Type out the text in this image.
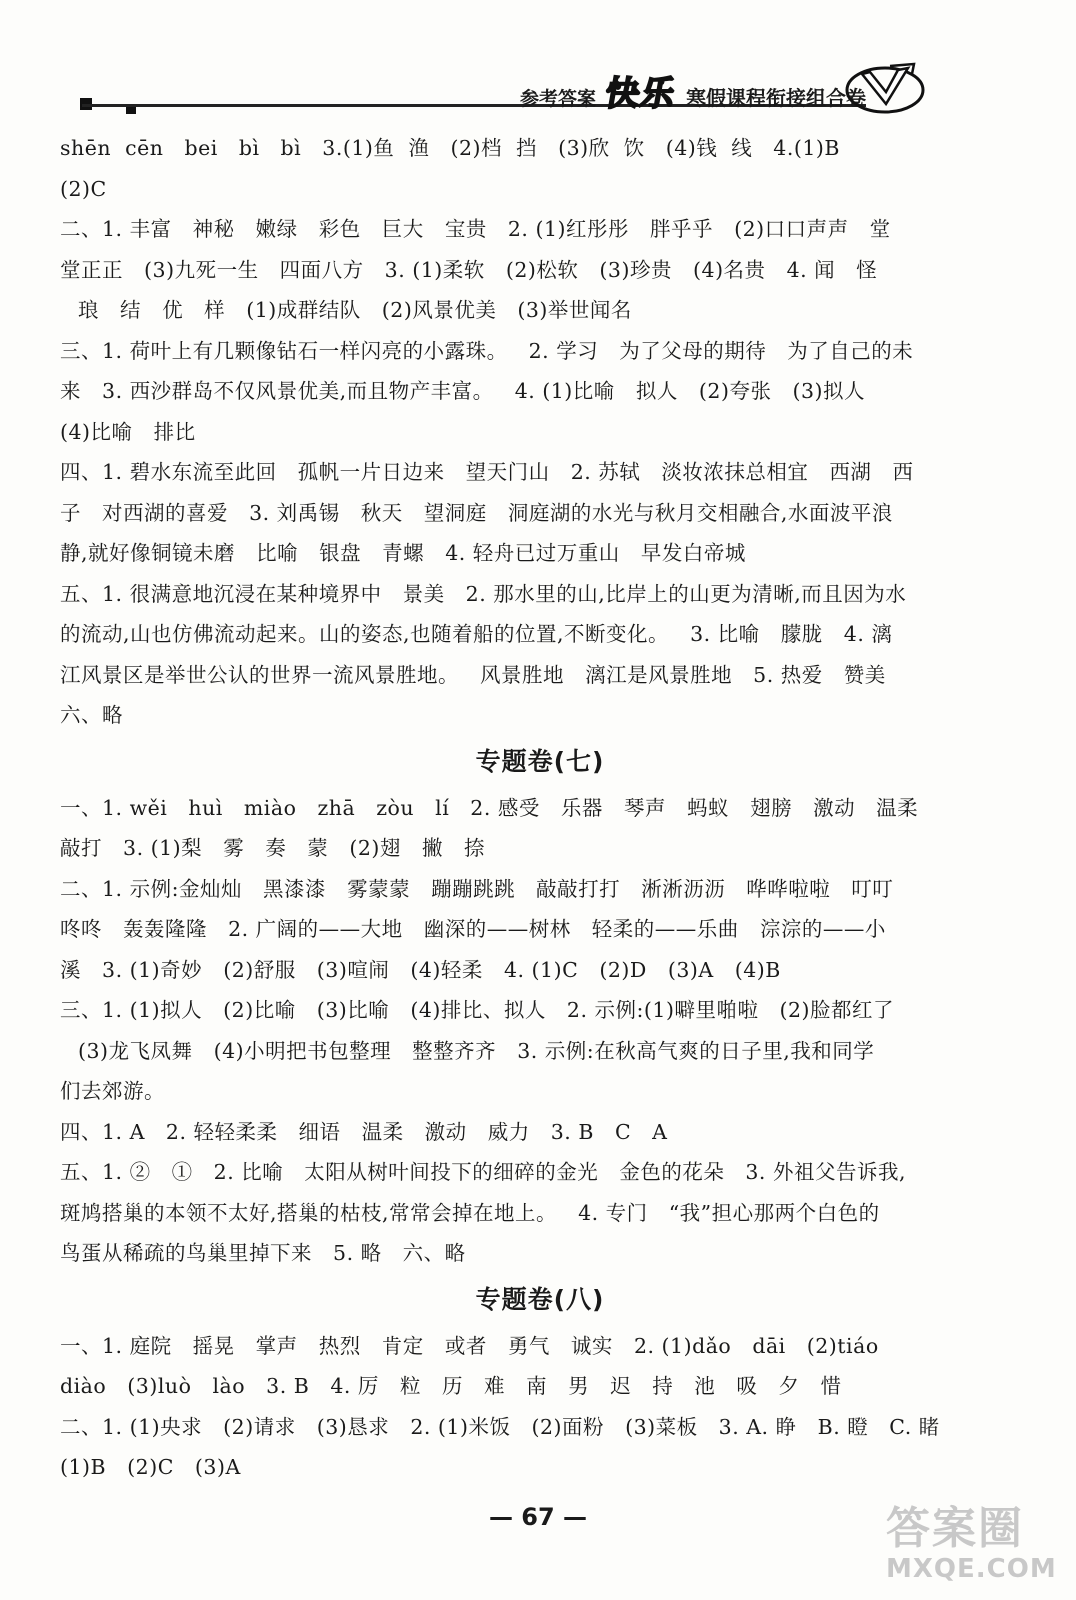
参考答案 快乐 寒假课程衔接组合卷
shēn  cēn   bei   bì   bì   3.(1)鱼  渔   (2)档  挡   (3)欣  饮   (4)钱  线   4.(1)B
(2)C
二、1. 丰富   神秘   嫩绿   彩色   巨大   宝贵   2. (1)红彤彤   胖乎乎   (2)口口声声   堂
堂正正   (3)九死一生   四面八方   3. (1)柔软   (2)松软   (3)珍贵   (4)名贵   4. 闻   怪
琅   结   优   样   (1)成群结队   (2)风景优美   (3)举世闻名
三、1. 荷叶上有几颗像钻石一样闪亮的小露珠。   2. 学习   为了父母的期待   为了自己的未
来   3. 西沙群岛不仅风景优美,而且物产丰富。   4. (1)比喻   拟人   (2)夸张   (3)拟人
(4)比喻   排比
四、1. 碧水东流至此回   孤帆一片日边来   望天门山   2. 苏轼   淡妆浓抹总相宜   西湖   西
子   对西湖的喜爱   3. 刘禹锡   秋天   望洞庭   洞庭湖的水光与秋月交相融合,水面波平浪
静,就好像铜镜未磨   比喻   银盘   青螺   4. 轻舟已过万重山   早发白帝城
五、1. 很满意地沉浸在某种境界中   景美   2. 那水里的山,比岸上的山更为清晰,而且因为水
的流动,山也仿佛流动起来。山的姿态,也随着船的位置,不断变化。   3. 比喻   朦胧   4. 漓
江风景区是举世公认的世界一流风景胜地。   风景胜地   漓江是风景胜地   5. 热爱   赞美
六、略
专题卷(七)
一、1. wěi   huì   miào   zhā   zòu   lí   2. 感受   乐器   琴声   蚂蚁   翅膀   激动   温柔
敲打   3. (1)梨   雾   奏   蒙   (2)翅   撇   捺
二、1. 示例:金灿灿   黑漆漆   雾蒙蒙   蹦蹦跳跳   敲敲打打   淅淅沥沥   哗哗啦啦   叮叮
咚咚   轰轰隆隆   2. 广阔的——大地   幽深的——树林   轻柔的——乐曲   淙淙的——小
溪   3. (1)奇妙   (2)舒服   (3)喧闹   (4)轻柔   4. (1)C   (2)D   (3)A   (4)B
三、1. (1)拟人   (2)比喻   (3)比喻   (4)排比、拟人   2. 示例:(1)噼里啪啦   (2)脸都红了
(3)龙飞凤舞   (4)小明把书包整理   整整齐齐   3. 示例:在秋高气爽的日子里,我和同学
们去郊游。
四、1. A   2. 轻轻柔柔   细语   温柔   激动   威力   3. B   C   A
五、1. ②   ①   2. 比喻   太阳从树叶间投下的细碎的金光   金色的花朵   3. 外祖父告诉我,
斑鸠搭巢的本领不太好,搭巢的枯枝,常常会掉在地上。   4. 专门   “我”担心那两个白色的
鸟蛋从稀疏的鸟巢里掉下来   5. 略   六、略
专题卷(八)
一、1. 庭院   摇晃   掌声   热烈   肯定   或者   勇气   诚实   2. (1)dǎo   dāi   (2)tiáo
diào   (3)luò   lào   3. B   4. 厉   粒   历   难   南   男   迟   持   池   吸   夕   惜
二、1. (1)央求   (2)请求   (3)恳求   2. (1)米饭   (2)面粉   (3)菜板   3. A. 睁   B. 瞪   C. 睹
(1)B   (2)C   (3)A
— 67 —	答案圈
MXQE.COM
